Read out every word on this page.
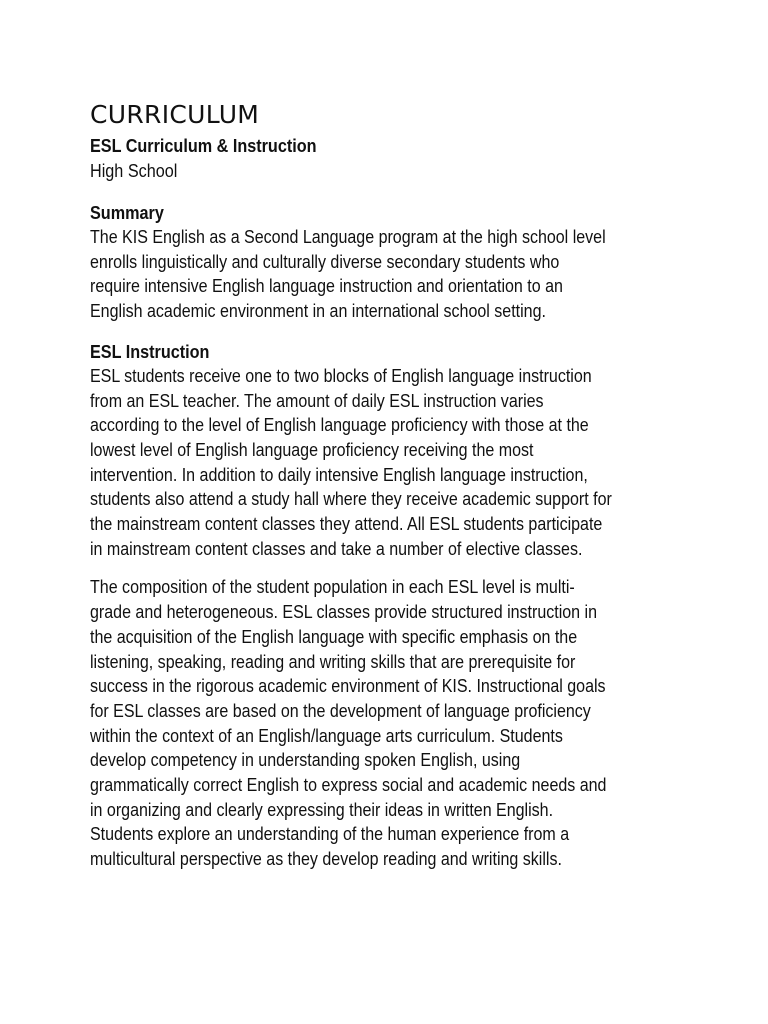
CURRICULUM
ESL Curriculum & Instruction
High School
Summary
The KIS English as a Second Language program at the high school level
enrolls linguistically and culturally diverse secondary students who
require intensive English language instruction and orientation to an
English academic environment in an international school setting.
ESL Instruction
ESL students receive one to two blocks of English language instruction
from an ESL teacher. The amount of daily ESL instruction varies
according to the level of English language proficiency with those at the
lowest level of English language proficiency receiving the most
intervention. In addition to daily intensive English language instruction,
students also attend a study hall where they receive academic support for
the mainstream content classes they attend. All ESL students participate
in mainstream content classes and take a number of elective classes.
The composition of the student population in each ESL level is multi-
grade and heterogeneous. ESL classes provide structured instruction in
the acquisition of the English language with specific emphasis on the
listening, speaking, reading and writing skills that are prerequisite for
success in the rigorous academic environment of KIS. Instructional goals
for ESL classes are based on the development of language proficiency
within the context of an English/language arts curriculum. Students
develop competency in understanding spoken English, using
grammatically correct English to express social and academic needs and
in organizing and clearly expressing their ideas in written English.
Students explore an understanding of the human experience from a
multicultural perspective as they develop reading and writing skills.
